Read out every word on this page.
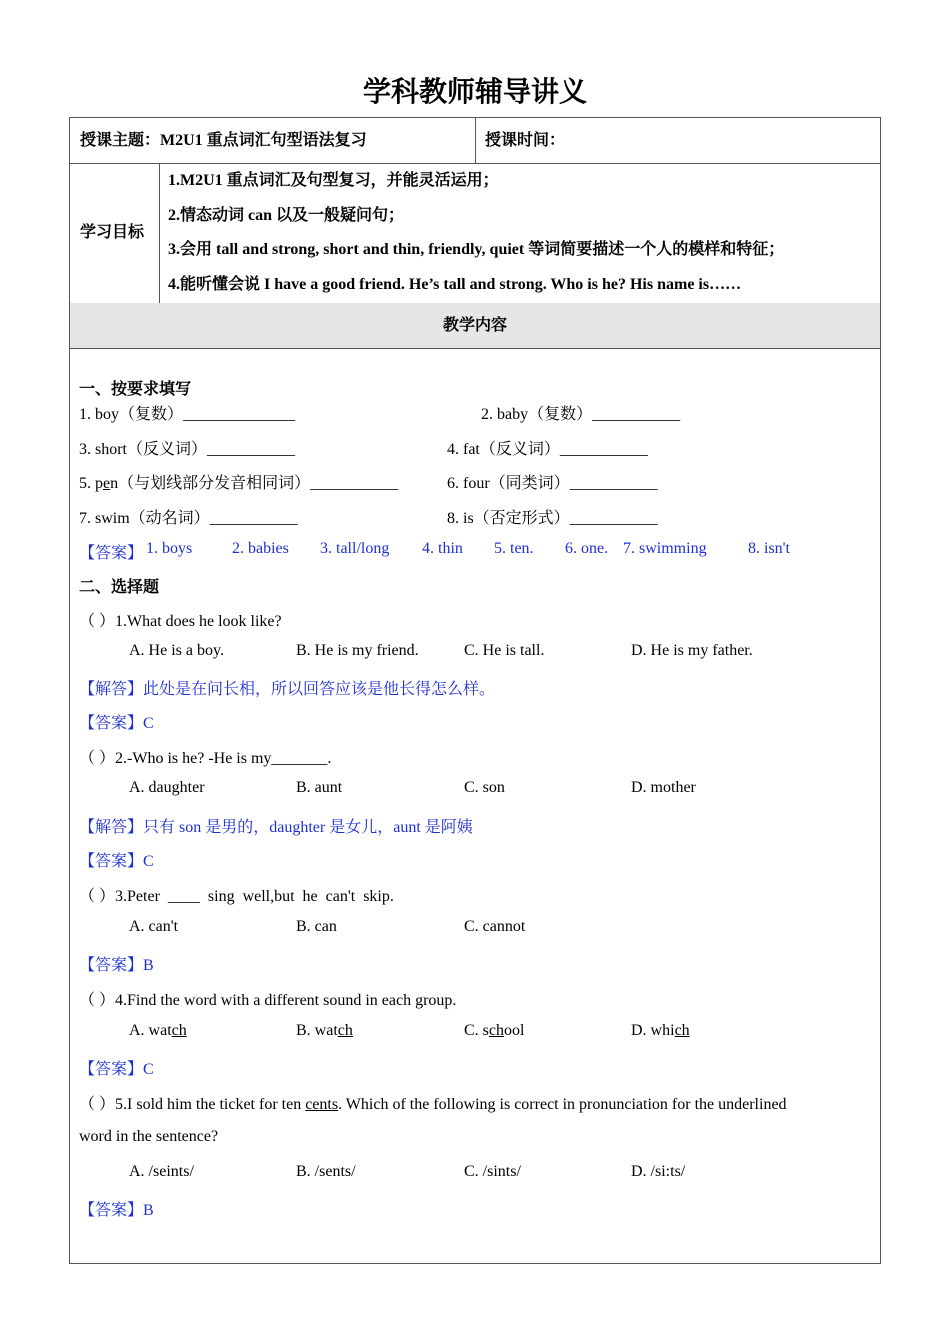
学科教师辅导讲义
授课主题：M2U1 重点词汇句型语法复习	授课时间：
学习目标
1.M2U1 重点词汇及句型复习，并能灵活运用；
2.情态动词 can 以及一般疑问句；
3.会用 tall and strong, short and thin, friendly, quiet 等词简要描述一个人的模样和特征；
4.能听懂会说 I have a good friend. He’s tall and strong. Who is he? His name is……
教学内容
一、按要求填写
1. boy（复数）______________	2. baby（复数）___________
3. short（反义词）___________	4. fat（反义词）___________
5. pen（与划线部分发音相同词）___________	6. four（同类词）___________
7. swim（动名词）___________	8. is（否定形式）___________
【答案】 1. boys 2. babies 3. tall/long 4. thin 5. ten. 6. one. 7. swimming	8. isn't
二、选择题
（ ）1.What does he look like?
A. He is a boy.	B. He is my friend.	C. He is tall.	D. He is my father.
【解答】此处是在问长相，所以回答应该是他长得怎么样。
【答案】C
（ ）2.-Who is he? -He is my_______.
A. daughter	B. aunt	C. son	D. mother
【解答】只有 son 是男的，daughter 是女儿，aunt 是阿姨
【答案】C
（ ）3.Peter  ____  sing  well,but  he  can't  skip.
A. can't	B. can	C. cannot
【答案】B
（ ）4.Find the word with a different sound in each group.
A. watch	B. watch	C. school	D. which
【答案】C
（ ）5.I sold him the ticket for ten cents. Which of the following is correct in pronunciation for the underlined
word in the sentence?
A. /seints/	B. /sents/	C. /sints/	D. /si:ts/
【答案】B
